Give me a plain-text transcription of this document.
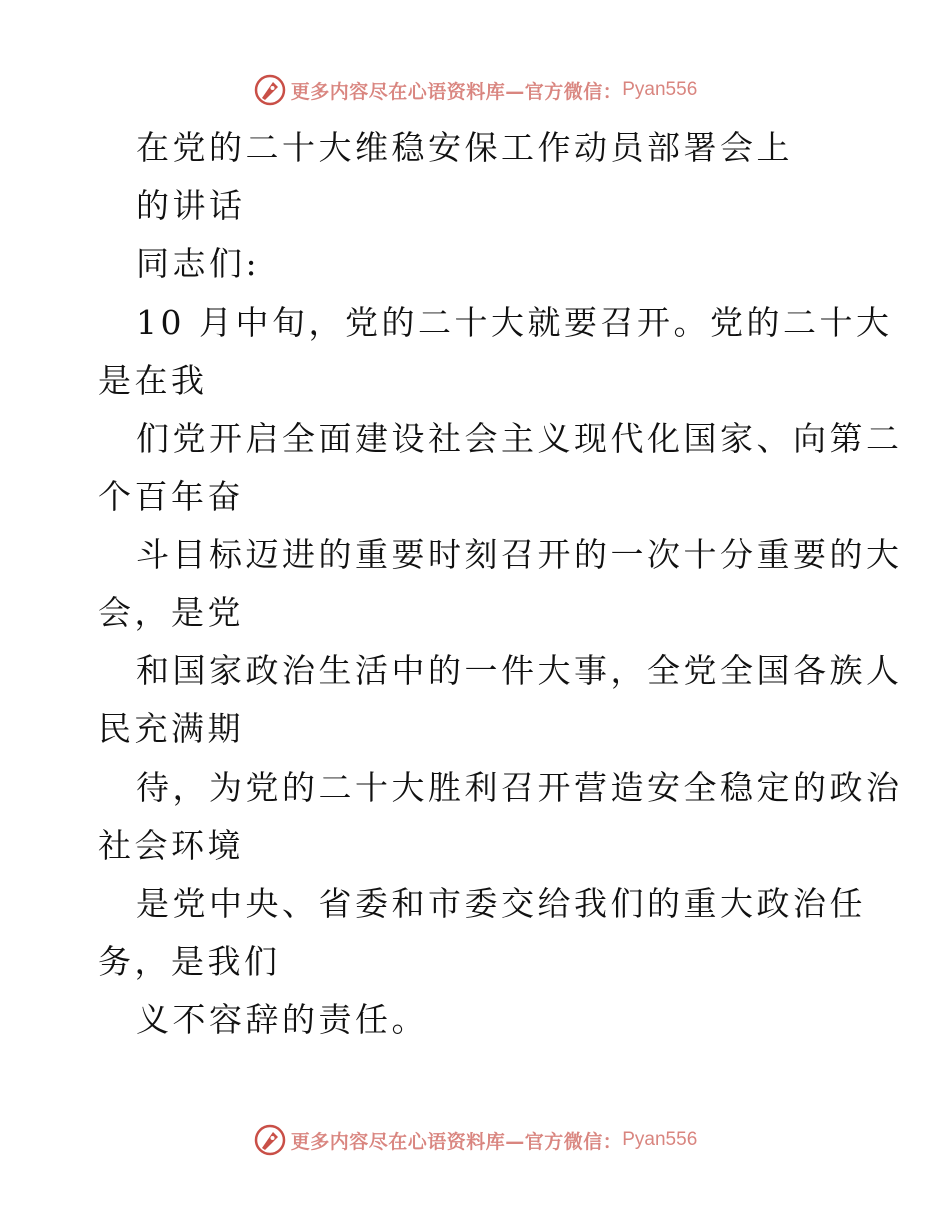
更多内容尽在心语资料库—官方微信： Pyan556
在党的二十大维稳安保工作动员部署会上
的讲话
同志们:
10 月中旬，党的二十大就要召开。党的二十大
是在我
们党开启全面建设社会主义现代化国家、向第二
个百年奋
斗目标迈进的重要时刻召开的一次十分重要的大
会，是党
和国家政治生活中的一件大事，全党全国各族人
民充满期
待，为党的二十大胜利召开营造安全稳定的政治
社会环境
是党中央、省委和市委交给我们的重大政治任
务，是我们
义不容辞的责任。
更多内容尽在心语资料库—官方微信： Pyan556
